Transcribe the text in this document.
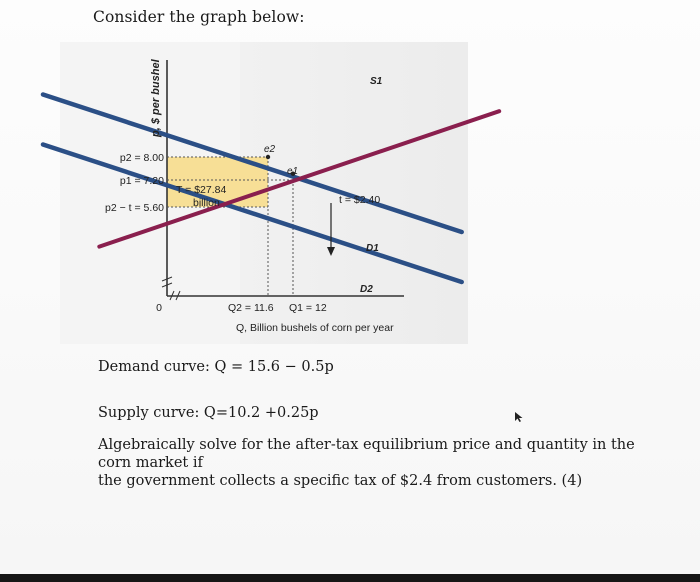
Consider the graph below:
p, $ per bushel
p2 = 8.00
p1 = 7.20
p2 − t = 5.60
0	Q2 = 11.6 Q1 = 12
Q, Billion bushels of corn per year
T = $27.84
billion	t = $2.40
e2
e1
S1
D1
D2
Demand curve: Q = 15.6 − 0.5p
Supply curve: Q=10.2 +0.25p
Algebraically solve for the after-tax equilibrium price and quantity in the corn market if
the government collects a specific tax of $2.4 from customers. (4)
